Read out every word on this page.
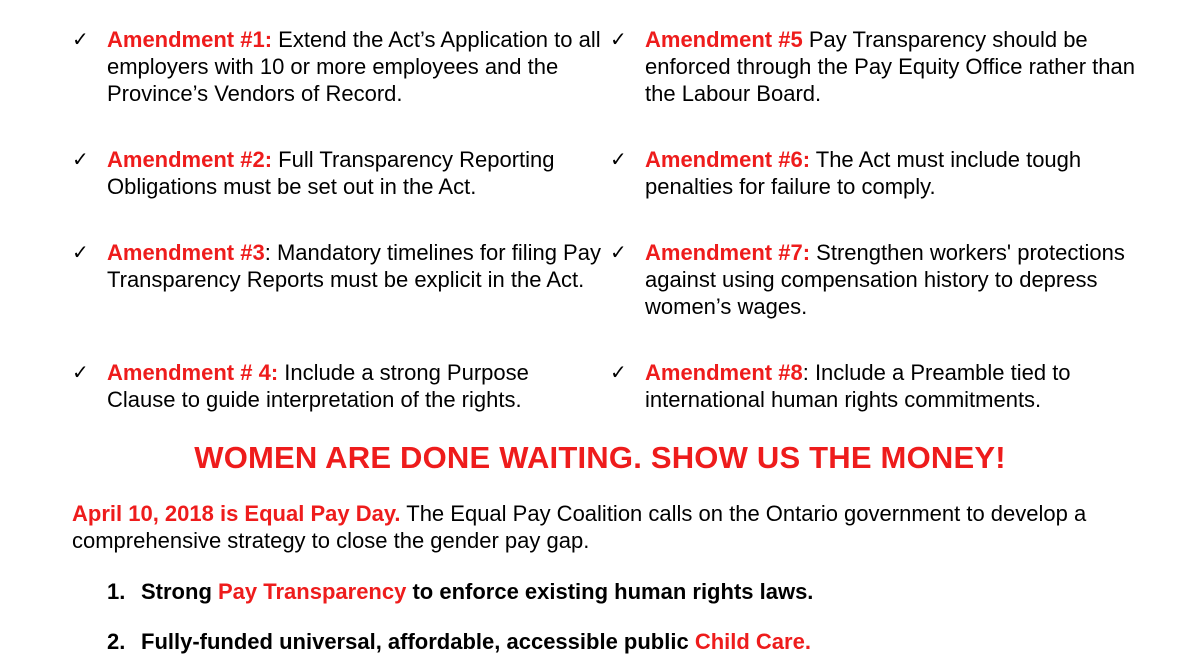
✓ Amendment #1: Extend the Act’s Application to all employers with 10 or more employees and the Province’s Vendors of Record.
✓ Amendment #2: Full Transparency Reporting Obligations must be set out in the Act.
✓ Amendment #3: Mandatory timelines for filing Pay Transparency Reports must be explicit in the Act.
✓ Amendment # 4: Include a strong Purpose Clause to guide interpretation of the rights.
✓ Amendment #5 Pay Transparency should be enforced through the Pay Equity Office rather than the Labour Board.
✓ Amendment #6: The Act must include tough penalties for failure to comply.
✓ Amendment #7: Strengthen workers' protections against using compensation history to depress women’s wages.
✓ Amendment #8: Include a Preamble tied to international human rights commitments.
WOMEN ARE DONE WAITING. SHOW US THE MONEY!
April 10, 2018 is Equal Pay Day. The Equal Pay Coalition calls on the Ontario government to develop a comprehensive strategy to close the gender pay gap.
1. Strong Pay Transparency to enforce existing human rights laws.
2. Fully-funded universal, affordable, accessible public Child Care.
